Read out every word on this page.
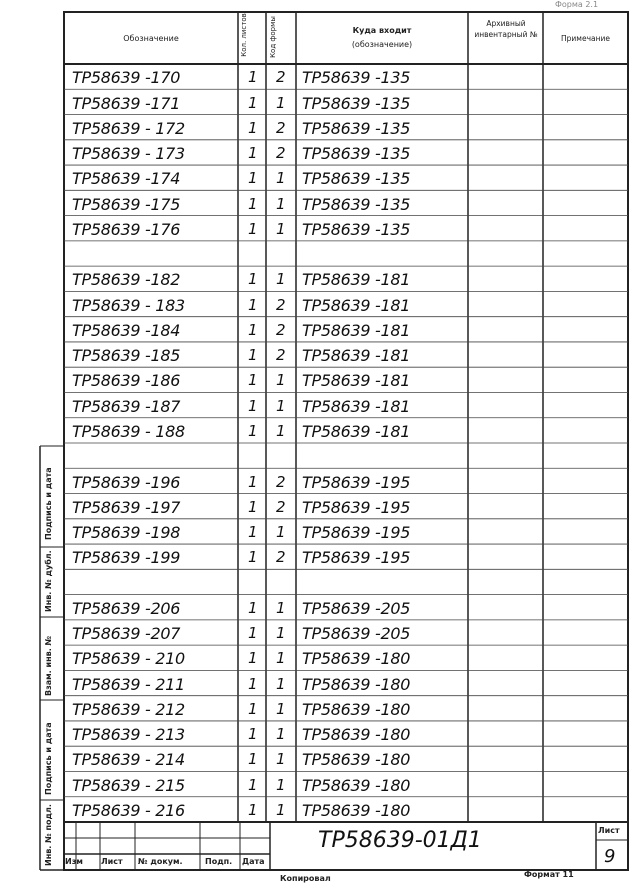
Форма 2.1
Обозначение	Кол. листов	Код формы	Куда входит
(обозначение)
Архивный инвентарный №	Примечание
ТР58639 -170	1 2 ТР58639 -135
ТР58639 -171	1 1 ТР58639 -135
ТР58639 - 172	1 2 ТР58639 -135
ТР58639 - 173	1 2 ТР58639 -135
ТР58639 -174	1 1 ТР58639 -135
ТР58639 -175	1 1 ТР58639 -135
ТР58639 -176	1 1 ТР58639 -135
ТР58639 -182	1 1 ТР58639 -181
ТР58639 - 183	1 2 ТР58639 -181
ТР58639 -184	1 2 ТР58639 -181
ТР58639 -185	1 2 ТР58639 -181
ТР58639 -186	1 1 ТР58639 -181
ТР58639 -187	1 1 ТР58639 -181
ТР58639 - 188	1 1 ТР58639 -181
ТР58639 -196	1 2 ТР58639 -195
ТР58639 -197	1 2 ТР58639 -195
ТР58639 -198	1 1 ТР58639 -195
ТР58639 -199	1 2 ТР58639 -195
ТР58639 -206	1 1 ТР58639 -205
ТР58639 -207	1 1 ТР58639 -205
ТР58639 - 210	1 1 ТР58639 -180
ТР58639 - 211	1 1 ТР58639 -180
ТР58639 - 212	1 1 ТР58639 -180
ТР58639 - 213	1 1 ТР58639 -180
ТР58639 - 214	1 1 ТР58639 -180
ТР58639 - 215	1 1 ТР58639 -180
ТР58639 - 216	1 1 ТР58639 -180
Подпись и дата
Инв. № дубл.
Взам. инв. №
Подпись и дата
Инв. № подл. Изм Лист № докум.	Подп. Дата
ТР58639-01Д1	Лист
9
Копировал	Формат 11
